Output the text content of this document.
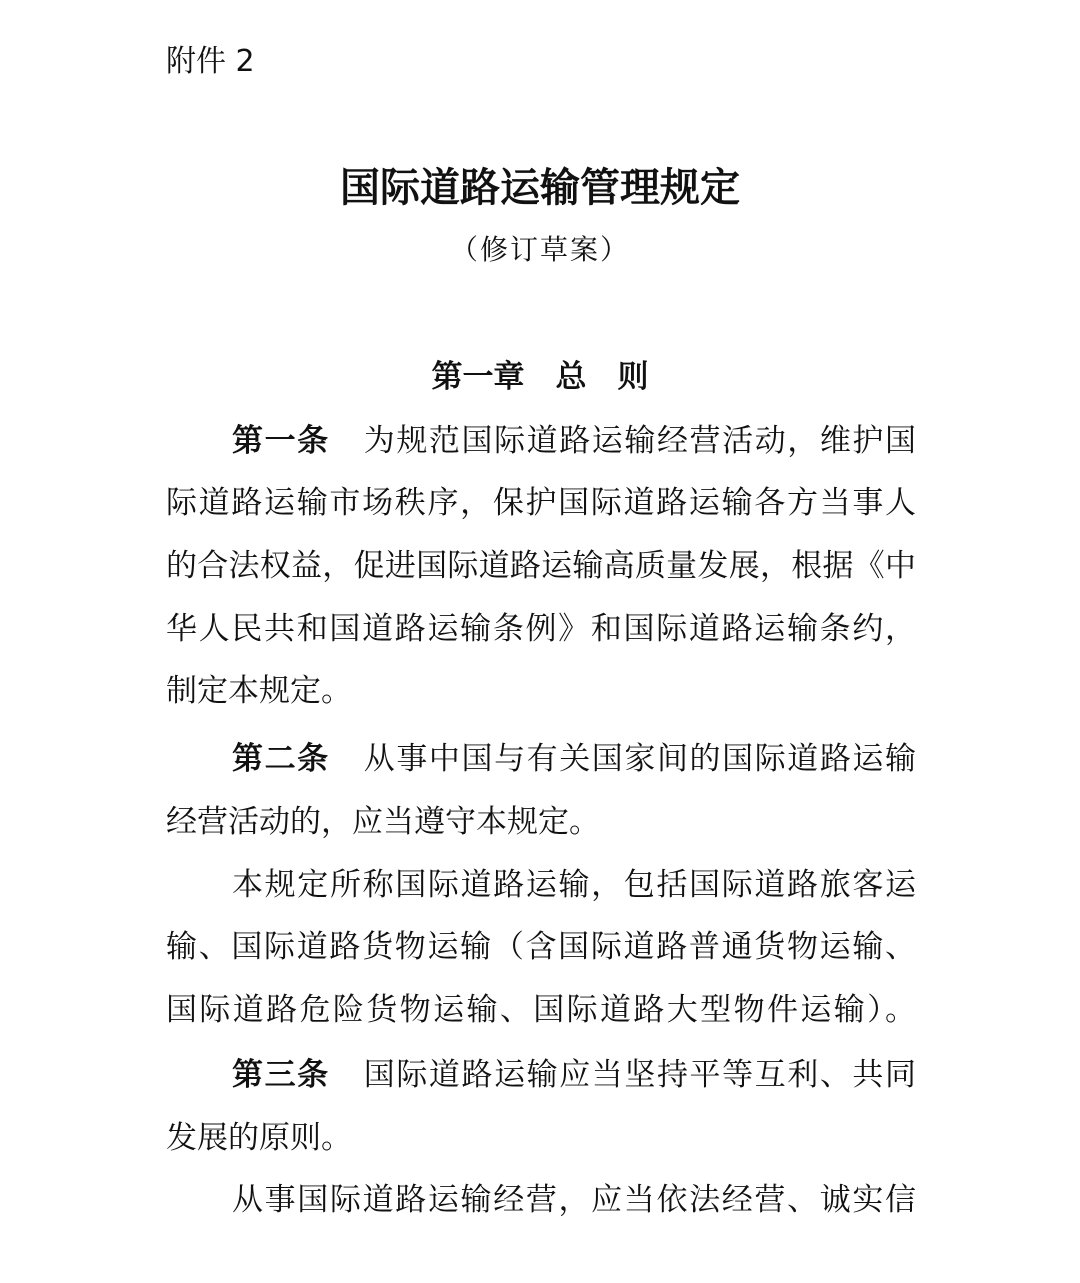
附件 2
国际道路运输管理规定
（修订草案）
第一章　总　则
第一条 为规范国际道路运输经营活动，维护国
际道路运输市场秩序，保护国际道路运输各方当事人
的合法权益，促进国际道路运输高质量发展，根据《中
华人民共和国道路运输条例》和国际道路运输条约，
制定本规定。
第二条 从事中国与有关国家间的国际道路运输
经营活动的，应当遵守本规定。
本规定所称国际道路运输，包括国际道路旅客运
输、国际道路货物运输（含国际道路普通货物运输、
国际道路危险货物运输、国际道路大型物件运输）。
第三条 国际道路运输应当坚持平等互利、共同
发展的原则。
从事国际道路运输经营，应当依法经营、诚实信
